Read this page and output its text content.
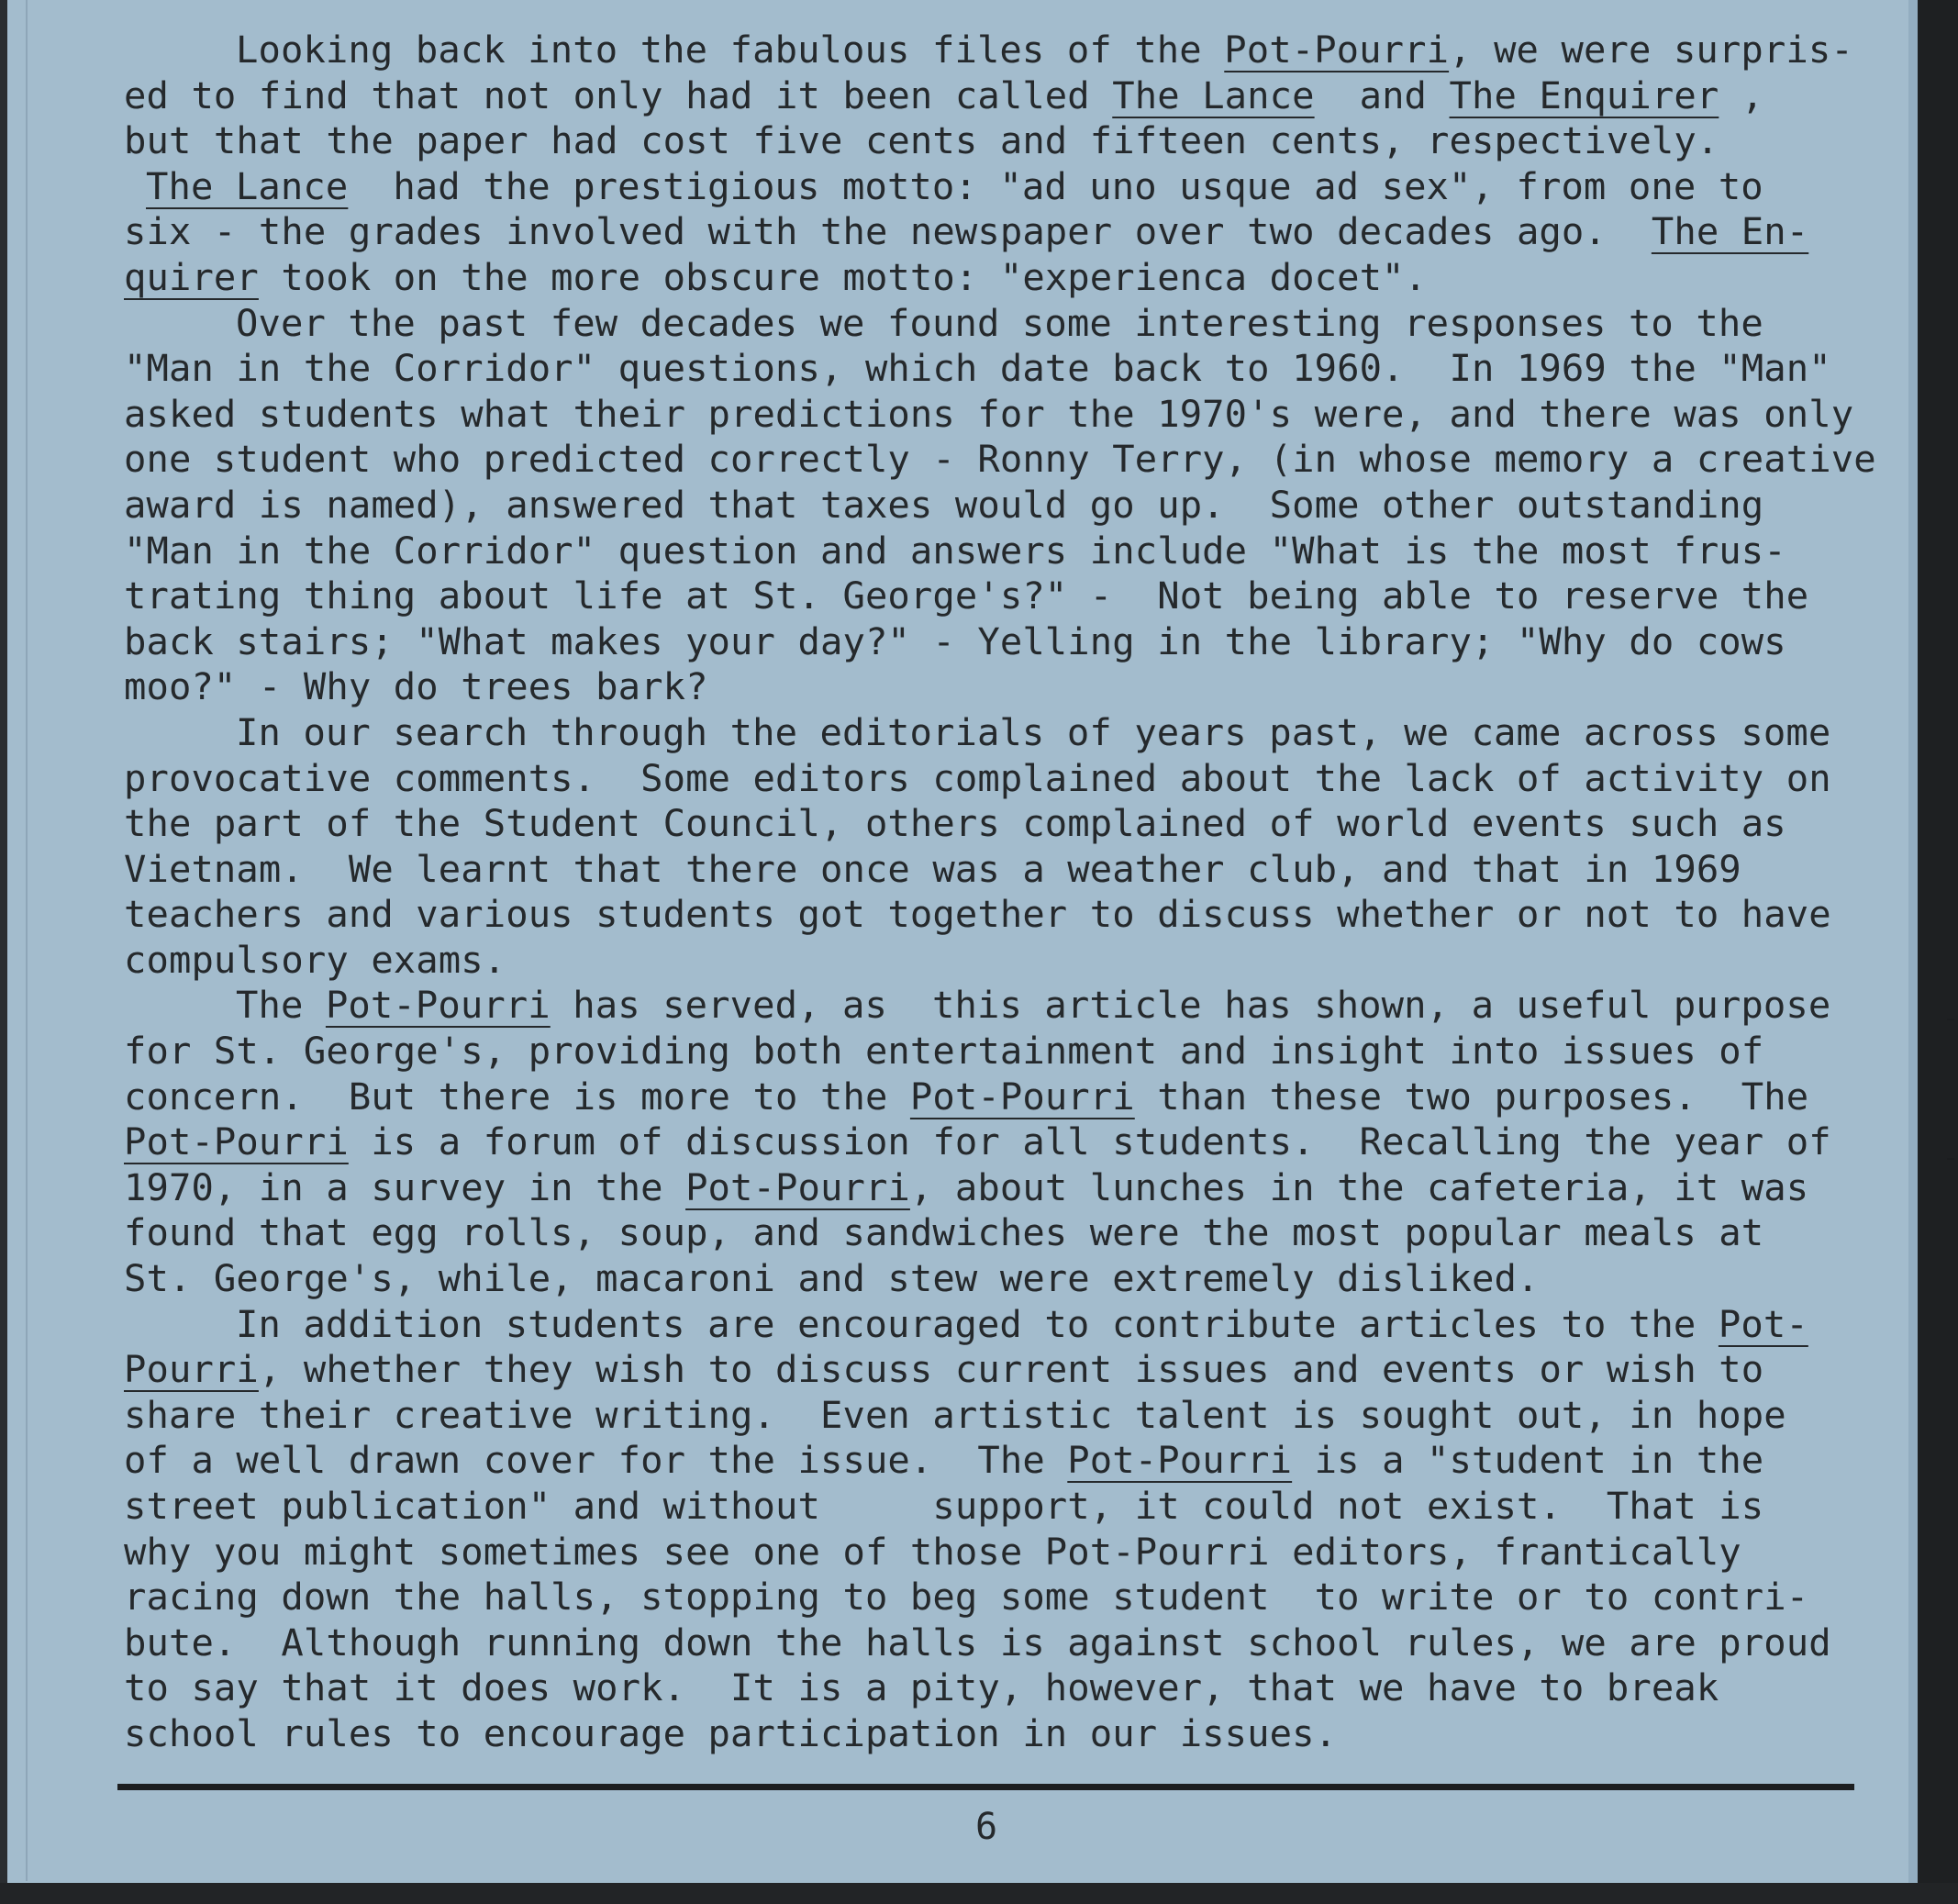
Looking back into the fabulous files of the Pot-Pourri, we were surpris-
ed to find that not only had it been called The Lance  and The Enquirer ,
but that the paper had cost five cents and fifteen cents, respectively.
The Lance  had the prestigious motto: "ad uno usque ad sex", from one to
six - the grades involved with the newspaper over two decades ago.  The En-
quirer took on the more obscure motto: "experienca docet".
Over the past few decades we found some interesting responses to the
"Man in the Corridor" questions, which date back to 1960.  In 1969 the "Man"
asked students what their predictions for the 1970's were, and there was only
one student who predicted correctly - Ronny Terry, (in whose memory a creative
award is named), answered that taxes would go up.  Some other outstanding
"Man in the Corridor" question and answers include "What is the most frus-
trating thing about life at St. George's?" -  Not being able to reserve the
back stairs; "What makes your day?" - Yelling in the library; "Why do cows
moo?" - Why do trees bark?
In our search through the editorials of years past, we came across some
provocative comments.  Some editors complained about the lack of activity on
the part of the Student Council, others complained of world events such as
Vietnam.  We learnt that there once was a weather club, and that in 1969
teachers and various students got together to discuss whether or not to have
compulsory exams.
The Pot-Pourri has served, as  this article has shown, a useful purpose
for St. George's, providing both entertainment and insight into issues of
concern.  But there is more to the Pot-Pourri than these two purposes.  The
Pot-Pourri is a forum of discussion for all students.  Recalling the year of
1970, in a survey in the Pot-Pourri, about lunches in the cafeteria, it was
found that egg rolls, soup, and sandwiches were the most popular meals at
St. George's, while, macaroni and stew were extremely disliked.
In addition students are encouraged to contribute articles to the Pot-
Pourri, whether they wish to discuss current issues and events or wish to
share their creative writing.  Even artistic talent is sought out, in hope
of a well drawn cover for the issue.  The Pot-Pourri is a "student in the
street publication" and without     support, it could not exist.  That is
why you might sometimes see one of those Pot-Pourri editors, frantically
racing down the halls, stopping to beg some student  to write or to contri-
bute.  Although running down the halls is against school rules, we are proud
to say that it does work.  It is a pity, however, that we have to break
school rules to encourage participation in our issues.
6
